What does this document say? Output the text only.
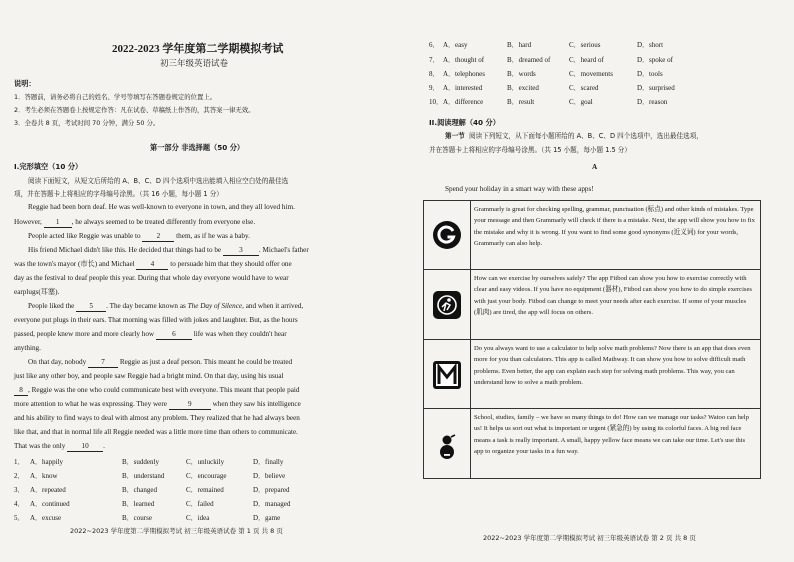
2022-2023 学年度第二学期模拟考试
初三年级英语试卷
说明：
1．答题前，请务必将自己的姓名、学号等填写在答题卷规定的位置上。
2．考生必须在答题卷上按规定作答：凡在试卷、草稿纸上作答的，其答案一律无效。
3．全卷共 8 页，考试时间 70 分钟，满分 50 分。
第一部分 非选择题（50 分）
I.完形填空（10 分）
阅读下面短文，从短文后所给的 A、B、C、D 四个选项中选出能填入相应空白处的最佳选
项，并在答题卡上将相应的字母编号涂黑。（共 16 小题，每小题 1 分）
Reggie had been born deaf. He was well-known to everyone in town, and they all loved him.
However, 1 , he always seemed to be treated differently from everyone else.
People acted like Reggie was unable to 2 them, as if he was a baby.
His friend Michael didn't like this. He decided that things had to be 3 . Michael's father
was the town's mayor (市长) and Michael 4 to persuade him that they should offer one
day as the festival to deaf people this year. During that whole day everyone would have to wear
earplugs(耳塞).
People liked the 5 . The day became known as The Day of Silence, and when it arrived,
everyone put plugs in their ears. That morning was filled with jokes and laughter. But, as the hours
passed, people knew more and more clearly how 6 life was when they couldn't hear
anything.
On that day, nobody 7 Reggie as just a deaf person. This meant he could be treated
just like any other boy, and people saw Reggie had a bright mind. On that day, using his usual
8 , Reggie was the one who could communicate best with everyone. This meant that people paid
more attention to what he was expressing. They were	9	when they saw his intelligence
and his ability to find ways to deal with almost any problem. They realized that he had always been
like that, and that in normal life all Reggie needed was a little more time than others to communicate.
That was the only 10 .
1． A．happily	B．suddenly	C．unluckily	D．finally
2． A．know	B．understand	C．encourage	D．believe
3． A．repeated	B．changed	C．remained	D．prepared
4． A．continued	B．learned	C．failed	D．managed
5． A．excuse	B．course	C．idea	D．game
2022~2023 学年度第二学期模拟考试 初三年级英语试卷 第 1 页 共 8 页
6． A．easy	B．hard	C．serious	D．short
7． A．thought of	B．dreamed of	C．heard of	D．spoke of
8． A．telephones	B．words	C．movements	D．tools
9． A．interested	B．excited	C．scared	D．surprised
10． A．difference	B．result	C．goal	D．reason
II.阅读理解（40 分）
第一节 阅读下列短文，从下面每小题所给的 A、B、C、D 四个选项中，选出最佳选项，
并在答题卡上将相应的字母编号涂黑。（共 15 小题，每小题 1.5 分）
A
Spend your holiday in a smart way with these apps!
Grammarly is great for checking spelling, grammar, punctuation (标点) and other kinds of mistakes. Type your message and then Grammarly will check if there is a mistake. Next, the app will show you how to fix the mistake and why it is wrong. If you want to find some good synonyms (近义词) for your words, Grammarly can also help.
How can we exercise by ourselves safely? The app Fitbod can show you how to exercise correctly with clear and easy videos. If you have no equipment (器材), Fitbod can show you how to do simple exercises with just your body. Fitbod can change to meet your needs after each exercise. If some of your muscles (肌肉) are tired, the app will focus on others.
Do you always want to use a calculator to help solve math problems? Now there is an app that does even more for you than calculators. This app is called Mathway. It can show you how to solve difficult math problems. Even better, the app can explain each step for solving math problems. This way, you can understand how to solve a math problem.
School, studies, family – we have so many things to do! How can we manage our tasks? Watoo can help us! It helps us sort out what is important or urgent (紧急的) by using its colorful faces. A big red face means a task is really important. A small, happy yellow face means we can take our time. Let's use this app to organize your tasks in a fun way.
2022~2023 学年度第二学期模拟考试 初三年级英语试卷 第 2 页 共 8 页
